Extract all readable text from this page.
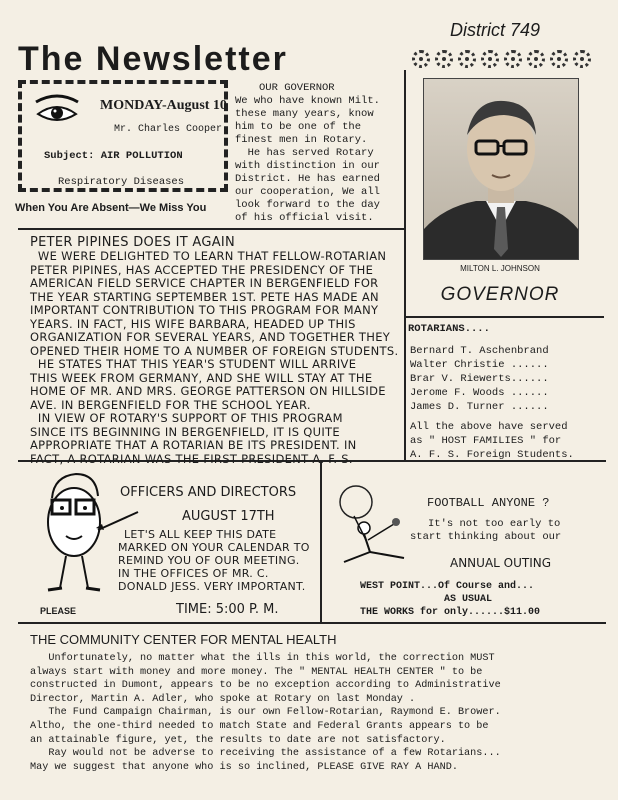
District 749
The Newsletter
MONDAY-August 10
Mr. Charles Cooper
Subject: AIR POLLUTION
Respiratory Diseases
When You Are Absent—We Miss You
OUR GOVERNOR
We who have known Milt.
these many years, know
him to be one of the
finest men in Rotary.
He has served Rotary
with distinction in our
District. He has earned
our cooperation, We all
look forward to the day
of his official visit.
MILTON L. JOHNSON
GOVERNOR
PETER PIPINES DOES IT AGAIN
WE WERE DELIGHTED TO LEARN THAT FELLOW-ROTARIAN
PETER PIPINES, HAS ACCEPTED THE PRESIDENCY OF THE
AMERICAN FIELD SERVICE CHAPTER IN BERGENFIELD FOR
THE YEAR STARTING SEPTEMBER 1ST. PETE HAS MADE AN
IMPORTANT CONTRIBUTION TO THIS PROGRAM FOR MANY
YEARS. IN FACT, HIS WIFE BARBARA, HEADED UP THIS
ORGANIZATION FOR SEVERAL YEARS, AND TOGETHER THEY
OPENED THEIR HOME TO A NUMBER OF FOREIGN STUDENTS.
HE STATES THAT THIS YEAR'S STUDENT WILL ARRIVE
THIS WEEK FROM GERMANY, AND SHE WILL STAY AT THE
HOME OF MR. AND MRS. GEORGE PATTERSON ON HILLSIDE
AVE. IN BERGENFIELD FOR THE SCHOOL YEAR.
IN VIEW OF ROTARY'S SUPPORT OF THIS PROGRAM
SINCE ITS BEGINNING IN BERGENFIELD, IT IS QUITE
APPROPRIATE THAT A ROTARIAN BE ITS PRESIDENT. IN
FACT, A ROTARIAN WAS THE FIRST PRESIDENT A. F. S.
ROTARIANS....
Bernard T. Aschenbrand
Walter Christie ......
Brar V. Riewerts......
Jerome F. Woods ......
James D. Turner ......
All the above have served
as " HOST FAMILIES " for
A. F. S. Foreign Students.
PLEASE
OFFICERS AND DIRECTORS
AUGUST 17TH
LET'S ALL KEEP THIS DATE
MARKED ON YOUR CALENDAR TO
REMIND YOU OF OUR MEETING.
IN THE OFFICES OF MR. C.
DONALD JESS. VERY IMPORTANT.
TIME: 5:00 P. M.
FOOTBALL ANYONE ?
It's not too early to
start thinking about our
ANNUAL OUTING
WEST POINT...Of Course and...
AS USUAL
THE WORKS for only......$11.00
THE COMMUNITY CENTER FOR MENTAL HEALTH
Unfortunately, no matter what the ills in this world, the correction MUST
always start with money and more money. The " MENTAL HEALTH CENTER " to be
constructed in Dumont, appears to be no exception according to Administrative
Director, Martin A. Adler, who spoke at Rotary on last Monday .
The Fund Campaign Chairman, is our own Fellow-Rotarian, Raymond E. Brower.
Altho, the one-third needed to match State and Federal Grants appears to be
an attainable figure, yet, the results to date are not satisfactory.
Ray would not be adverse to receiving the assistance of a few Rotarians...
May we suggest that anyone who is so inclined, PLEASE GIVE RAY A HAND.
